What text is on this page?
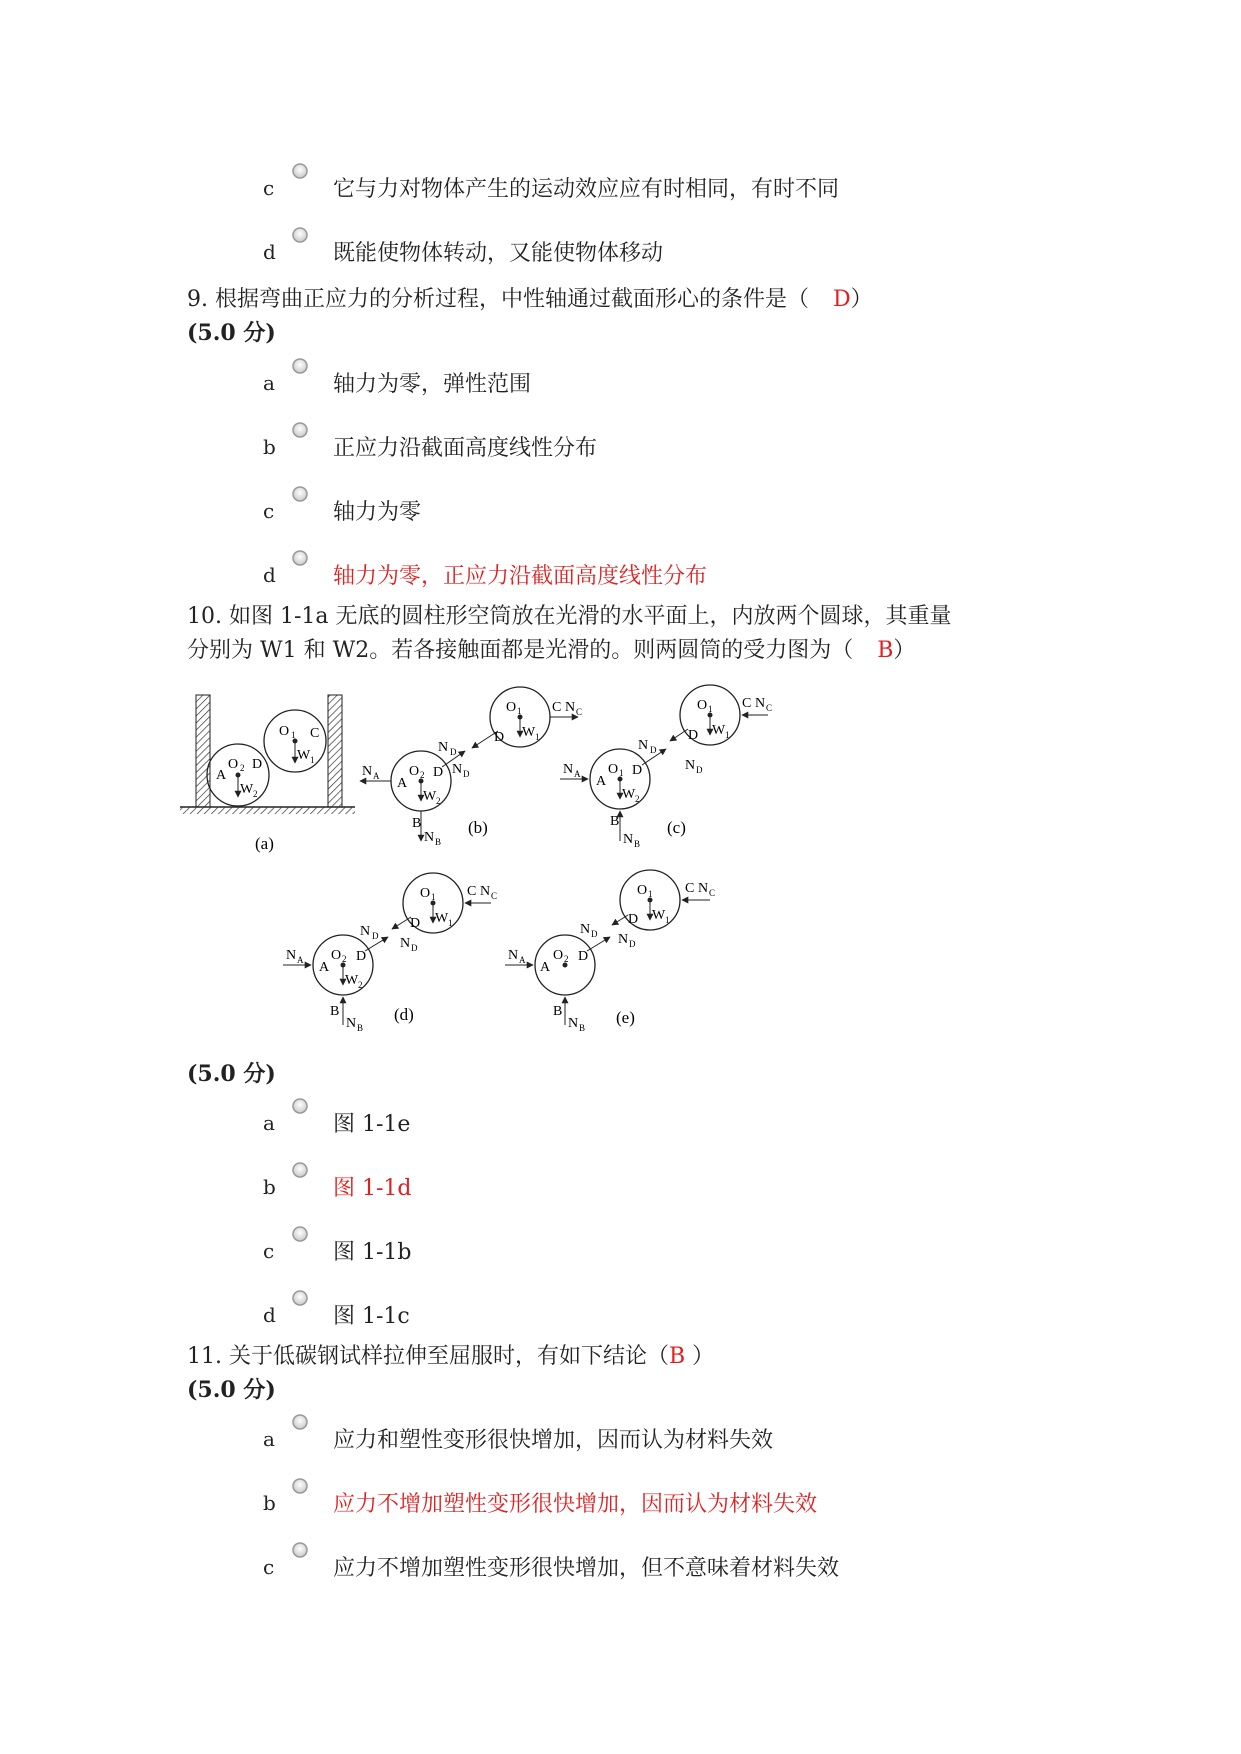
c	它与力对物体产生的运动效应应有时相同，有时不同
d	既能使物体转动，又能使物体移动
9. 根据弯曲正应力的分析过程，中性轴通过截面形心的条件是（ D）
(5.0 分)
a	轴力为零，弹性范围
b	正应力沿截面高度线性分布
c	轴力为零
d	轴力为零，正应力沿截面高度线性分布
10. 如图 1-1a 无底的圆柱形空筒放在光滑的水平面上，内放两个圆球，其重量
分别为 W1 和 W2。若各接触面都是光滑的。则两圆筒的受力图为（ B）
A
O 2 D
W 2
O 1 C
W 1
(a)
N A A
O 2 D
W 2
B
N B
N D
N D
D
O 1
W 1
C N C
(b)
N A A
O 1 D
W 2
B
N B
N D
N D
D
O 1
W 1
C N C
(c)
N A A
O 2 D
W 2
B
N B
N D N D
D
O 1
W 1
C N C
(d)
N A A
O 2 D
B
N B
N D N D
D
O 1
W 1
C N C
(e)
(5.0 分)
a	图 1-1e
b	图 1-1d
c	图 1-1b
d	图 1-1c
11. 关于低碳钢试样拉伸至屈服时，有如下结论（B ）
(5.0 分)
a	应力和塑性变形很快增加，因而认为材料失效
b	应力不增加塑性变形很快增加，因而认为材料失效
c	应力不增加塑性变形很快增加，但不意味着材料失效
